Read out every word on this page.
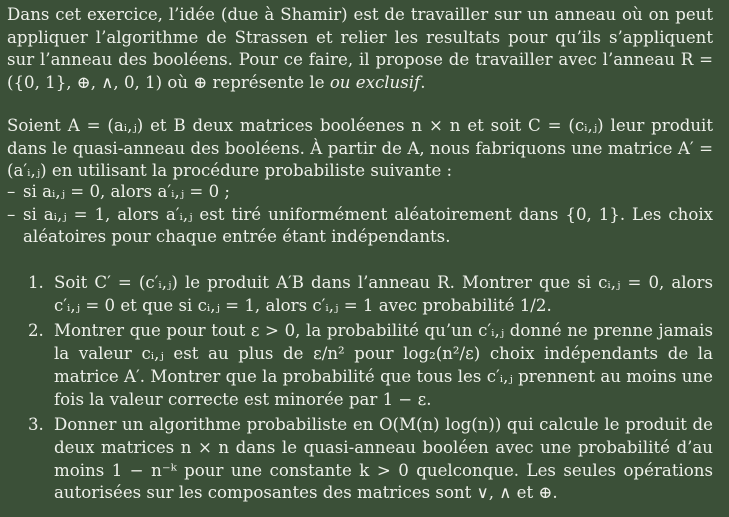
Dans cet exercice, l’idée (due à Shamir) est de travailler sur un anneau où on peut appliquer l’algorithme de Strassen et relier les resultats pour qu’ils s’appliquent sur l’anneau des booléens. Pour ce faire, il propose de travailler avec l’anneau R = ({0, 1}, ⊕, ∧, 0, 1) où ⊕ représente le ou exclusif.

Soient A = (aᵢ,ⱼ) et B deux matrices booléenes n × n et soit C = (cᵢ,ⱼ) leur produit dans le quasi-anneau des booléens. À partir de A, nous fabriquons une matrice A′ = (a′ᵢ,ⱼ) en utilisant la procédure probabiliste suivante :

– si aᵢ,ⱼ = 0, alors a′ᵢ,ⱼ = 0 ;
– si aᵢ,ⱼ = 1, alors a′ᵢ,ⱼ est tiré uniformément aléatoirement dans {0, 1}. Les choix aléatoires pour chaque entrée étant indépendants.
1. Soit C′ = (c′ᵢ,ⱼ) le produit A′B dans l’anneau R. Montrer que si cᵢ,ⱼ = 0, alors c′ᵢ,ⱼ = 0 et que si cᵢ,ⱼ = 1, alors c′ᵢ,ⱼ = 1 avec probabilité 1/2.
2. Montrer que pour tout ε > 0, la probabilité qu’un c′ᵢ,ⱼ donné ne prenne jamais la valeur cᵢ,ⱼ est au plus de ε/n² pour log₂(n²/ε) choix indépendants de la matrice A′. Montrer que la probabilité que tous les c′ᵢ,ⱼ prennent au moins une fois la valeur correcte est minorée par 1 − ε.
3. Donner un algorithme probabiliste en O(M(n) log(n)) qui calcule le produit de deux matrices n × n dans le quasi-anneau booléen avec une probabilité d’au moins 1 − n⁻ᵏ pour une constante k > 0 quelconque. Les seules opérations autorisées sur les composantes des matrices sont ∨, ∧ et ⊕.
